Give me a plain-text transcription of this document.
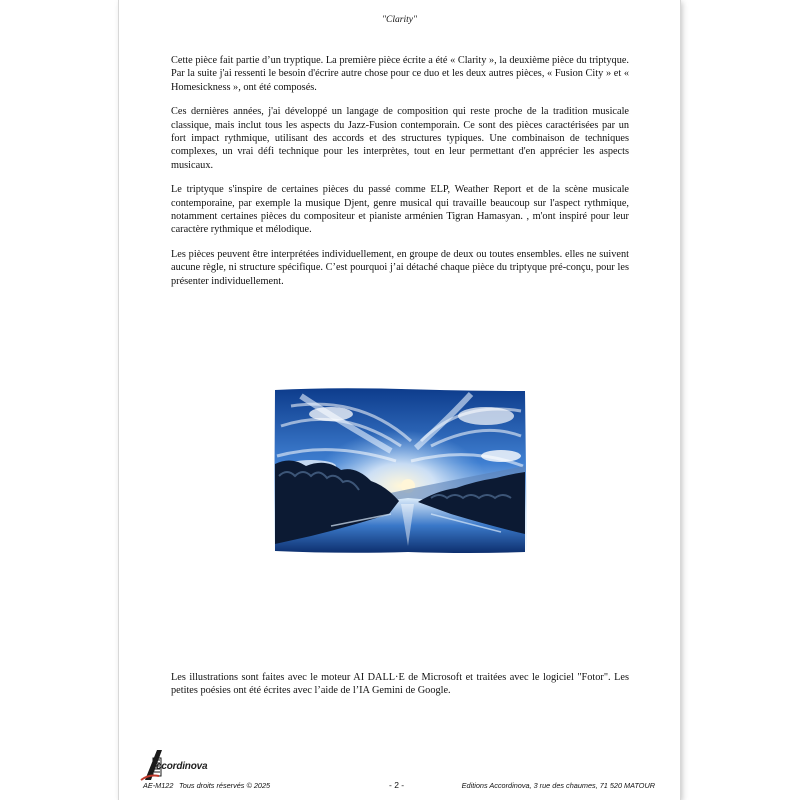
"Clarity"

Cette pièce fait partie d’un tryptique. La première pièce écrite a été « Clarity », la deuxième pièce du triptyque. Par la suite j'ai ressenti le besoin d'écrire autre chose pour ce duo et les deux autres pièces, « Fusion City » et « Homesickness », ont été composés.

Ces dernières années, j'ai développé un langage de composition qui reste proche de la tradition musicale classique, mais inclut tous les aspects du Jazz-Fusion contemporain. Ce sont des pièces caractérisées par un fort impact rythmique, utilisant des accords et des structures typiques. Une combinaison de techniques complexes, un vrai défi technique pour les interprètes, tout en leur permettant d'en apprécier les aspects musicaux.

Le triptyque s'inspire de certaines pièces du passé comme ELP, Weather Report et de la scène musicale contemporaine, par exemple la musique Djent, genre musical qui travaille beaucoup sur l'aspect rythmique, notamment certaines pièces du compositeur et pianiste arménien Tigran Hamasyan. , m'ont inspiré pour leur caractère rythmique et mélodique.

Les pièces peuvent être interprétées individuellement, en groupe de deux ou toutes ensembles. elles ne suivent aucune règle, ni structure spécifique. C’est pourquoi j’ai détaché chaque pièce du triptyque pré-conçu, pour les présenter individuellement.

Les illustrations sont faites avec le moteur AI DALL·E de Microsoft et traitées avec le logiciel "Fotor". Les petites poésies ont été écrites avec l’aide de l’IA Gemini de Google.
ccordinova
AE-M122 Tous droits réservés © 2025	- 2 -	Editions Accordinova, 3 rue des chaumes, 71 520 MATOUR
